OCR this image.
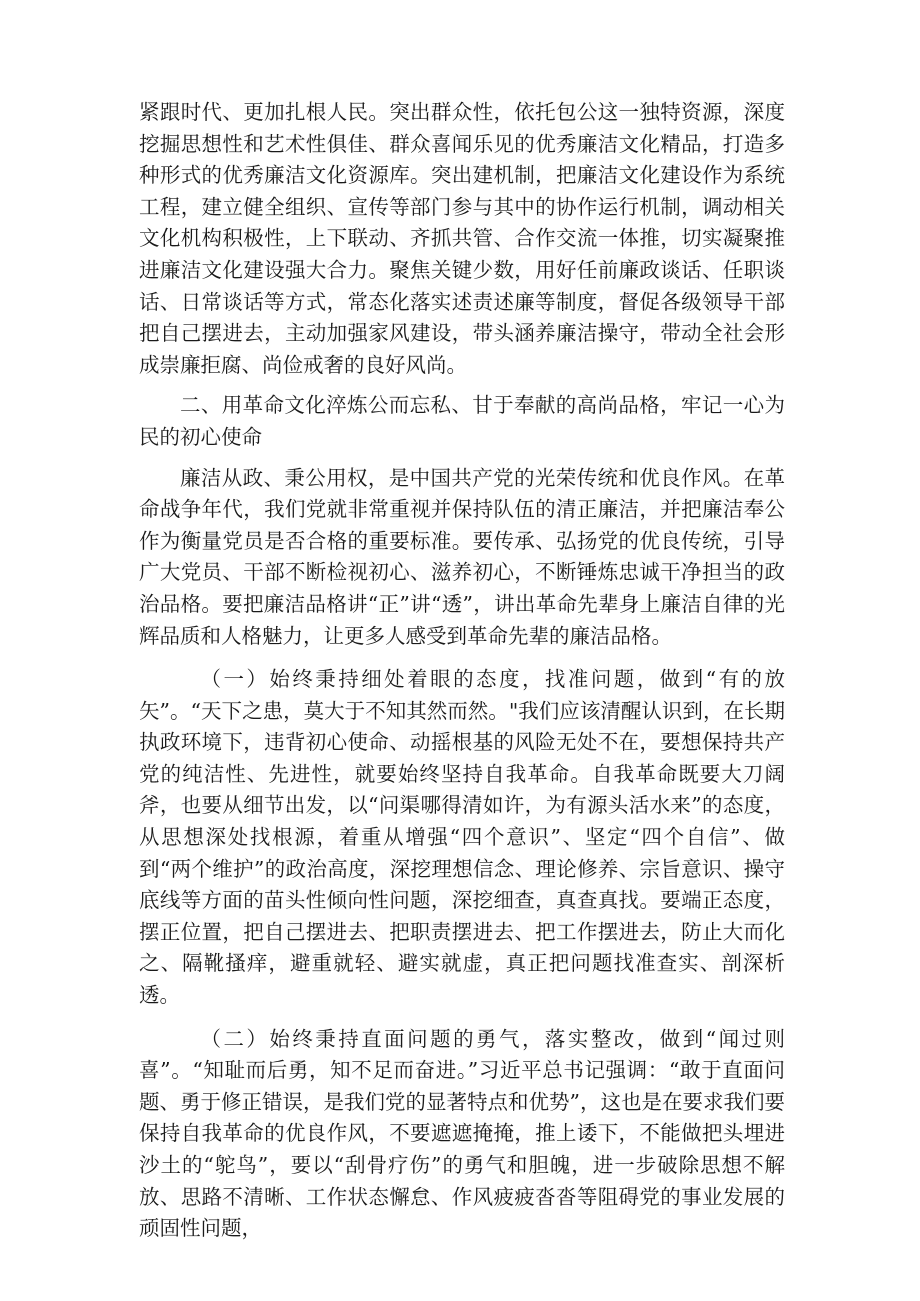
紧跟时代、更加扎根人民。突出群众性，依托包公这一独特资源，深度挖掘思想性和艺术性俱佳、群众喜闻乐见的优秀廉洁文化精品，打造多种形式的优秀廉洁文化资源库。突出建机制，把廉洁文化建设作为系统工程，建立健全组织、宣传等部门参与其中的协作运行机制，调动相关文化机构积极性，上下联动、齐抓共管、合作交流一体推，切实凝聚推进廉洁文化建设强大合力。聚焦关键少数，用好任前廉政谈话、任职谈话、日常谈话等方式，常态化落实述责述廉等制度，督促各级领导干部把自己摆进去，主动加强家风建设，带头涵养廉洁操守，带动全社会形成崇廉拒腐、尚俭戒奢的良好风尚。

二、用革命文化淬炼公而忘私、甘于奉献的高尚品格，牢记一心为民的初心使命

廉洁从政、秉公用权，是中国共产党的光荣传统和优良作风。在革命战争年代，我们党就非常重视并保持队伍的清正廉洁，并把廉洁奉公作为衡量党员是否合格的重要标准。要传承、弘扬党的优良传统，引导广大党员、干部不断检视初心、滋养初心，不断锤炼忠诚干净担当的政治品格。要把廉洁品格讲“正”讲“透”，讲出革命先辈身上廉洁自律的光辉品质和人格魅力，让更多人感受到革命先辈的廉洁品格。

（一）始终秉持细处着眼的态度，找准问题，做到“有的放矢”。“天下之患，莫大于不知其然而然。"我们应该清醒认识到，在长期执政环境下，违背初心使命、动摇根基的风险无处不在，要想保持共产党的纯洁性、先进性，就要始终坚持自我革命。自我革命既要大刀阔斧，也要从细节出发，以“问渠哪得清如许，为有源头活水来”的态度，从思想深处找根源，着重从增强“四个意识”、坚定“四个自信”、做到“两个维护”的政治高度，深挖理想信念、理论修养、宗旨意识、操守底线等方面的苗头性倾向性问题，深挖细查，真查真找。要端正态度，摆正位置，把自己摆进去、把职责摆进去、把工作摆进去，防止大而化之、隔靴搔痒，避重就轻、避实就虚，真正把问题找准查实、剖深析透。

（二）始终秉持直面问题的勇气，落实整改，做到“闻过则喜”。“知耻而后勇，知不足而奋进。”习近平总书记强调：“敢于直面问题、勇于修正错误，是我们党的显著特点和优势”，这也是在要求我们要保持自我革命的优良作风，不要遮遮掩掩，推上诿下，不能做把头埋进沙土的“鸵鸟”，要以“刮骨疗伤”的勇气和胆魄，进一步破除思想不解放、思路不清晰、工作状态懈怠、作风疲疲沓沓等阻碍党的事业发展的顽固性问题，
